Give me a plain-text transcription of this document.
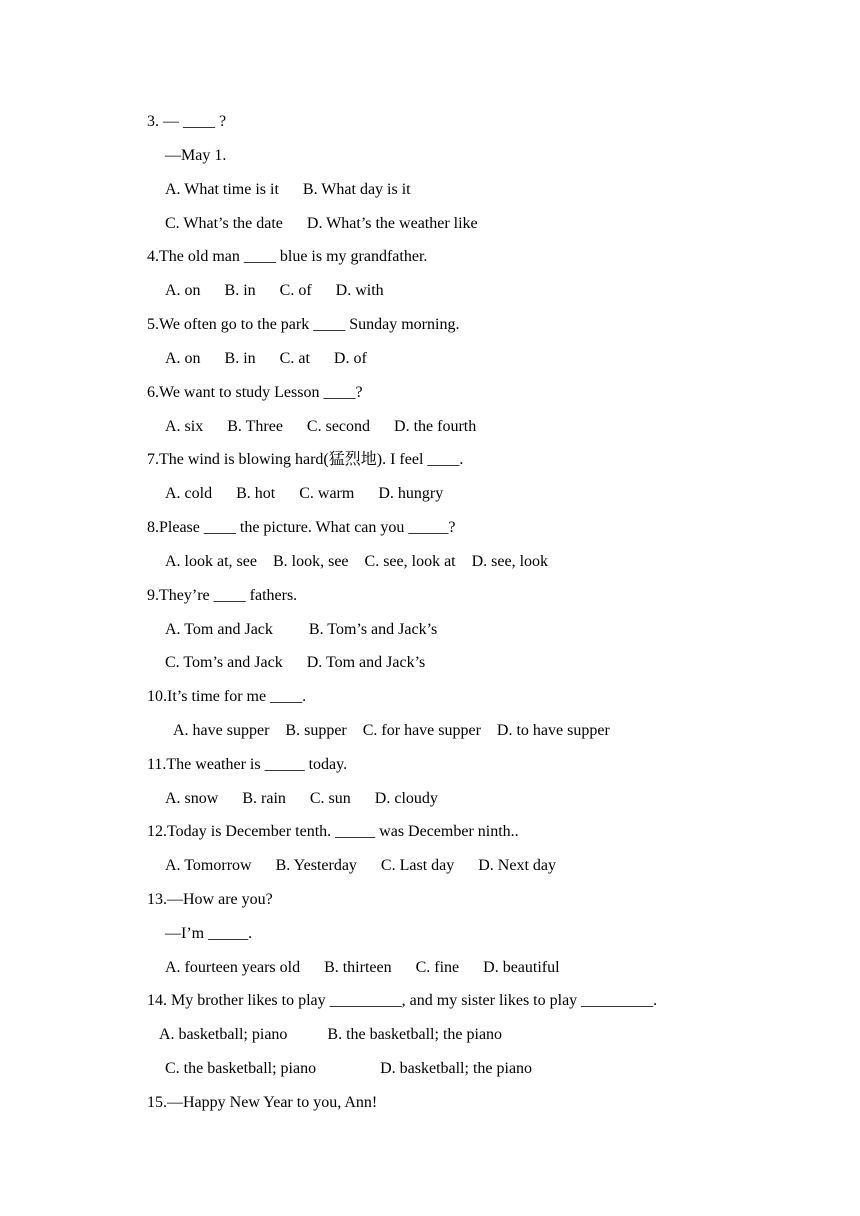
3. — ____ ?
—May 1.
A. What time is it      B. What day is it
C. What’s the date      D. What’s the weather like
4.The old man ____ blue is my grandfather.
A. on      B. in      C. of      D. with
5.We often go to the park ____ Sunday morning.
A. on      B. in      C. at      D. of
6.We want to study Lesson ____?
A. six      B. Three      C. second      D. the fourth
7.The wind is blowing hard(猛烈地). I feel ____.
A. cold      B. hot      C. warm      D. hungry
8.Please ____ the picture. What can you _____?
A. look at, see    B. look, see    C. see, look at    D. see, look
9.They’re ____ fathers.
A. Tom and Jack         B. Tom’s and Jack’s
C. Tom’s and Jack      D. Tom and Jack’s
10.It’s time for me ____.
A. have supper    B. supper    C. for have supper    D. to have supper
11.The weather is _____ today.
A. snow      B. rain      C. sun      D. cloudy
12.Today is December tenth. _____ was December ninth..
A. Tomorrow      B. Yesterday      C. Last day      D. Next day
13.—How are you?
—I’m _____.
A. fourteen years old      B. thirteen      C. fine      D. beautiful
14. My brother likes to play _________, and my sister likes to play _________.
A. basketball; piano          B. the basketball; the piano
C. the basketball; piano                D. basketball; the piano
15.—Happy New Year to you, Ann!
